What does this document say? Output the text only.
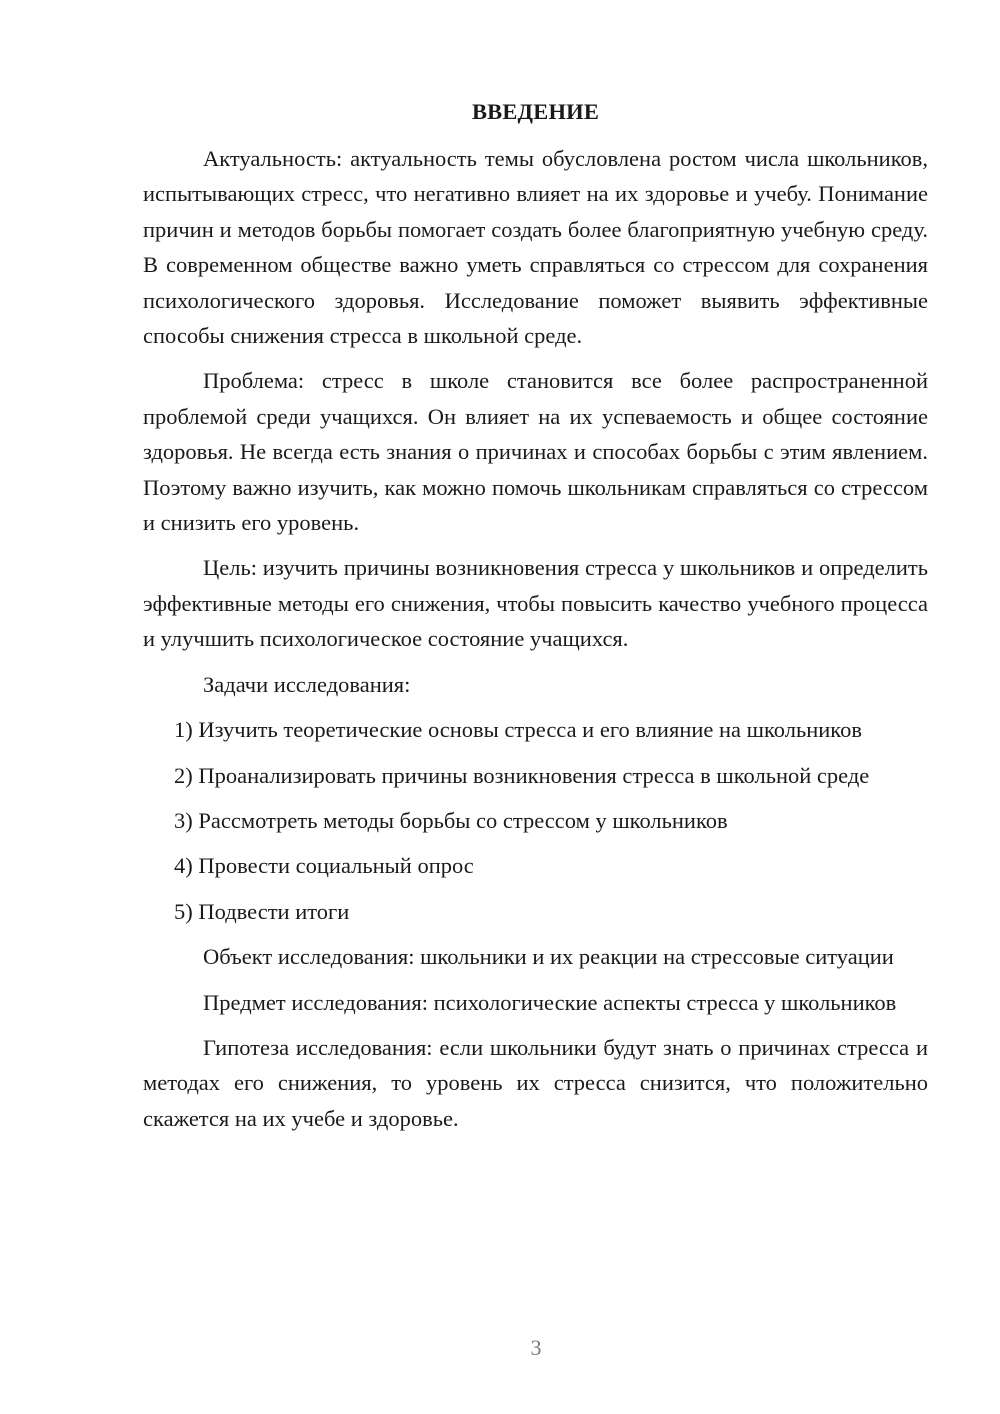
ВВЕДЕНИЕ

Актуальность: актуальность темы обусловлена ростом числа школьников, испытывающих стресс, что негативно влияет на их здоровье и учебу. Понимание причин и методов борьбы помогает создать более благоприятную учебную среду. В современном обществе важно уметь справляться со стрессом для сохранения психологического здоровья. Исследование поможет выявить эффективные способы снижения стресса в школьной среде.

Проблема: стресс в школе становится все более распространенной проблемой среди учащихся. Он влияет на их успеваемость и общее состояние здоровья. Не всегда есть знания о причинах и способах борьбы с этим явлением. Поэтому важно изучить, как можно помочь школьникам справляться со стрессом и снизить его уровень.

Цель: изучить причины возникновения стресса у школьников и определить эффективные методы его снижения, чтобы повысить качество учебного процесса и улучшить психологическое состояние учащихся.

Задачи исследования:

1) Изучить теоретические основы стресса и его влияние на школьников

2) Проанализировать причины возникновения стресса в школьной среде

3) Рассмотреть методы борьбы со стрессом у школьников

4) Провести социальный опрос

5) Подвести итоги

Объект исследования: школьники и их реакции на стрессовые ситуации

Предмет исследования: психологические аспекты стресса у школьников

Гипотеза исследования: если школьники будут знать о причинах стресса и методах его снижения, то уровень их стресса снизится, что положительно скажется на их учебе и здоровье.

3
